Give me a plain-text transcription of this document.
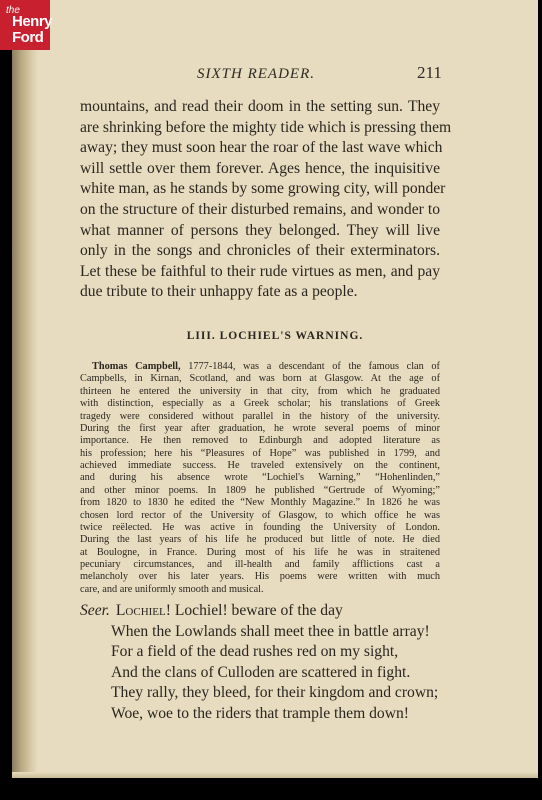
SIXTH READER.	211
mountains, and read their doom in the setting sun. They
are shrinking before the mighty tide which is pressing them
away; they must soon hear the roar of the last wave which
will settle over them forever. Ages hence, the inquisitive
white man, as he stands by some growing city, will ponder
on the structure of their disturbed remains, and wonder to
what manner of persons they belonged. They will live
only in the songs and chronicles of their exterminators.
Let these be faithful to their rude virtues as men, and pay
due tribute to their unhappy fate as a people.
LIII. LOCHIEL'S WARNING.
Thomas Campbell, 1777-1844, was a descendant of the famous clan of
Campbells, in Kirnan, Scotland, and was born at Glasgow. At the age of
thirteen he entered the university in that city, from which he graduated
with distinction, especially as a Greek scholar; his translations of Greek
tragedy were considered without parallel in the history of the university.
During the first year after graduation, he wrote several poems of minor
importance. He then removed to Edinburgh and adopted literature as
his profession; here his “Pleasures of Hope” was published in 1799, and
achieved immediate success. He traveled extensively on the continent,
and during his absence wrote “Lochiel's Warning,” “Hohenlinden,”
and other minor poems. In 1809 he published “Gertrude of Wyoming;”
from 1820 to 1830 he edited the “New Monthly Magazine.” In 1826 he was
chosen lord rector of the University of Glasgow, to which office he was
twice reëlected. He was active in founding the University of London.
During the last years of his life he produced but little of note. He died
at Boulogne, in France. During most of his life he was in straitened
pecuniary circumstances, and ill-health and family afflictions cast a
melancholy over his later years. His poems were written with much
care, and are uniformly smooth and musical.
Seer. Lochiel! Lochiel! beware of the day
When the Lowlands shall meet thee in battle array!
For a field of the dead rushes red on my sight,
And the clans of Culloden are scattered in fight.
They rally, they bleed, for their kingdom and crown;
Woe, woe to the riders that trample them down!
the
Henry
Ford
